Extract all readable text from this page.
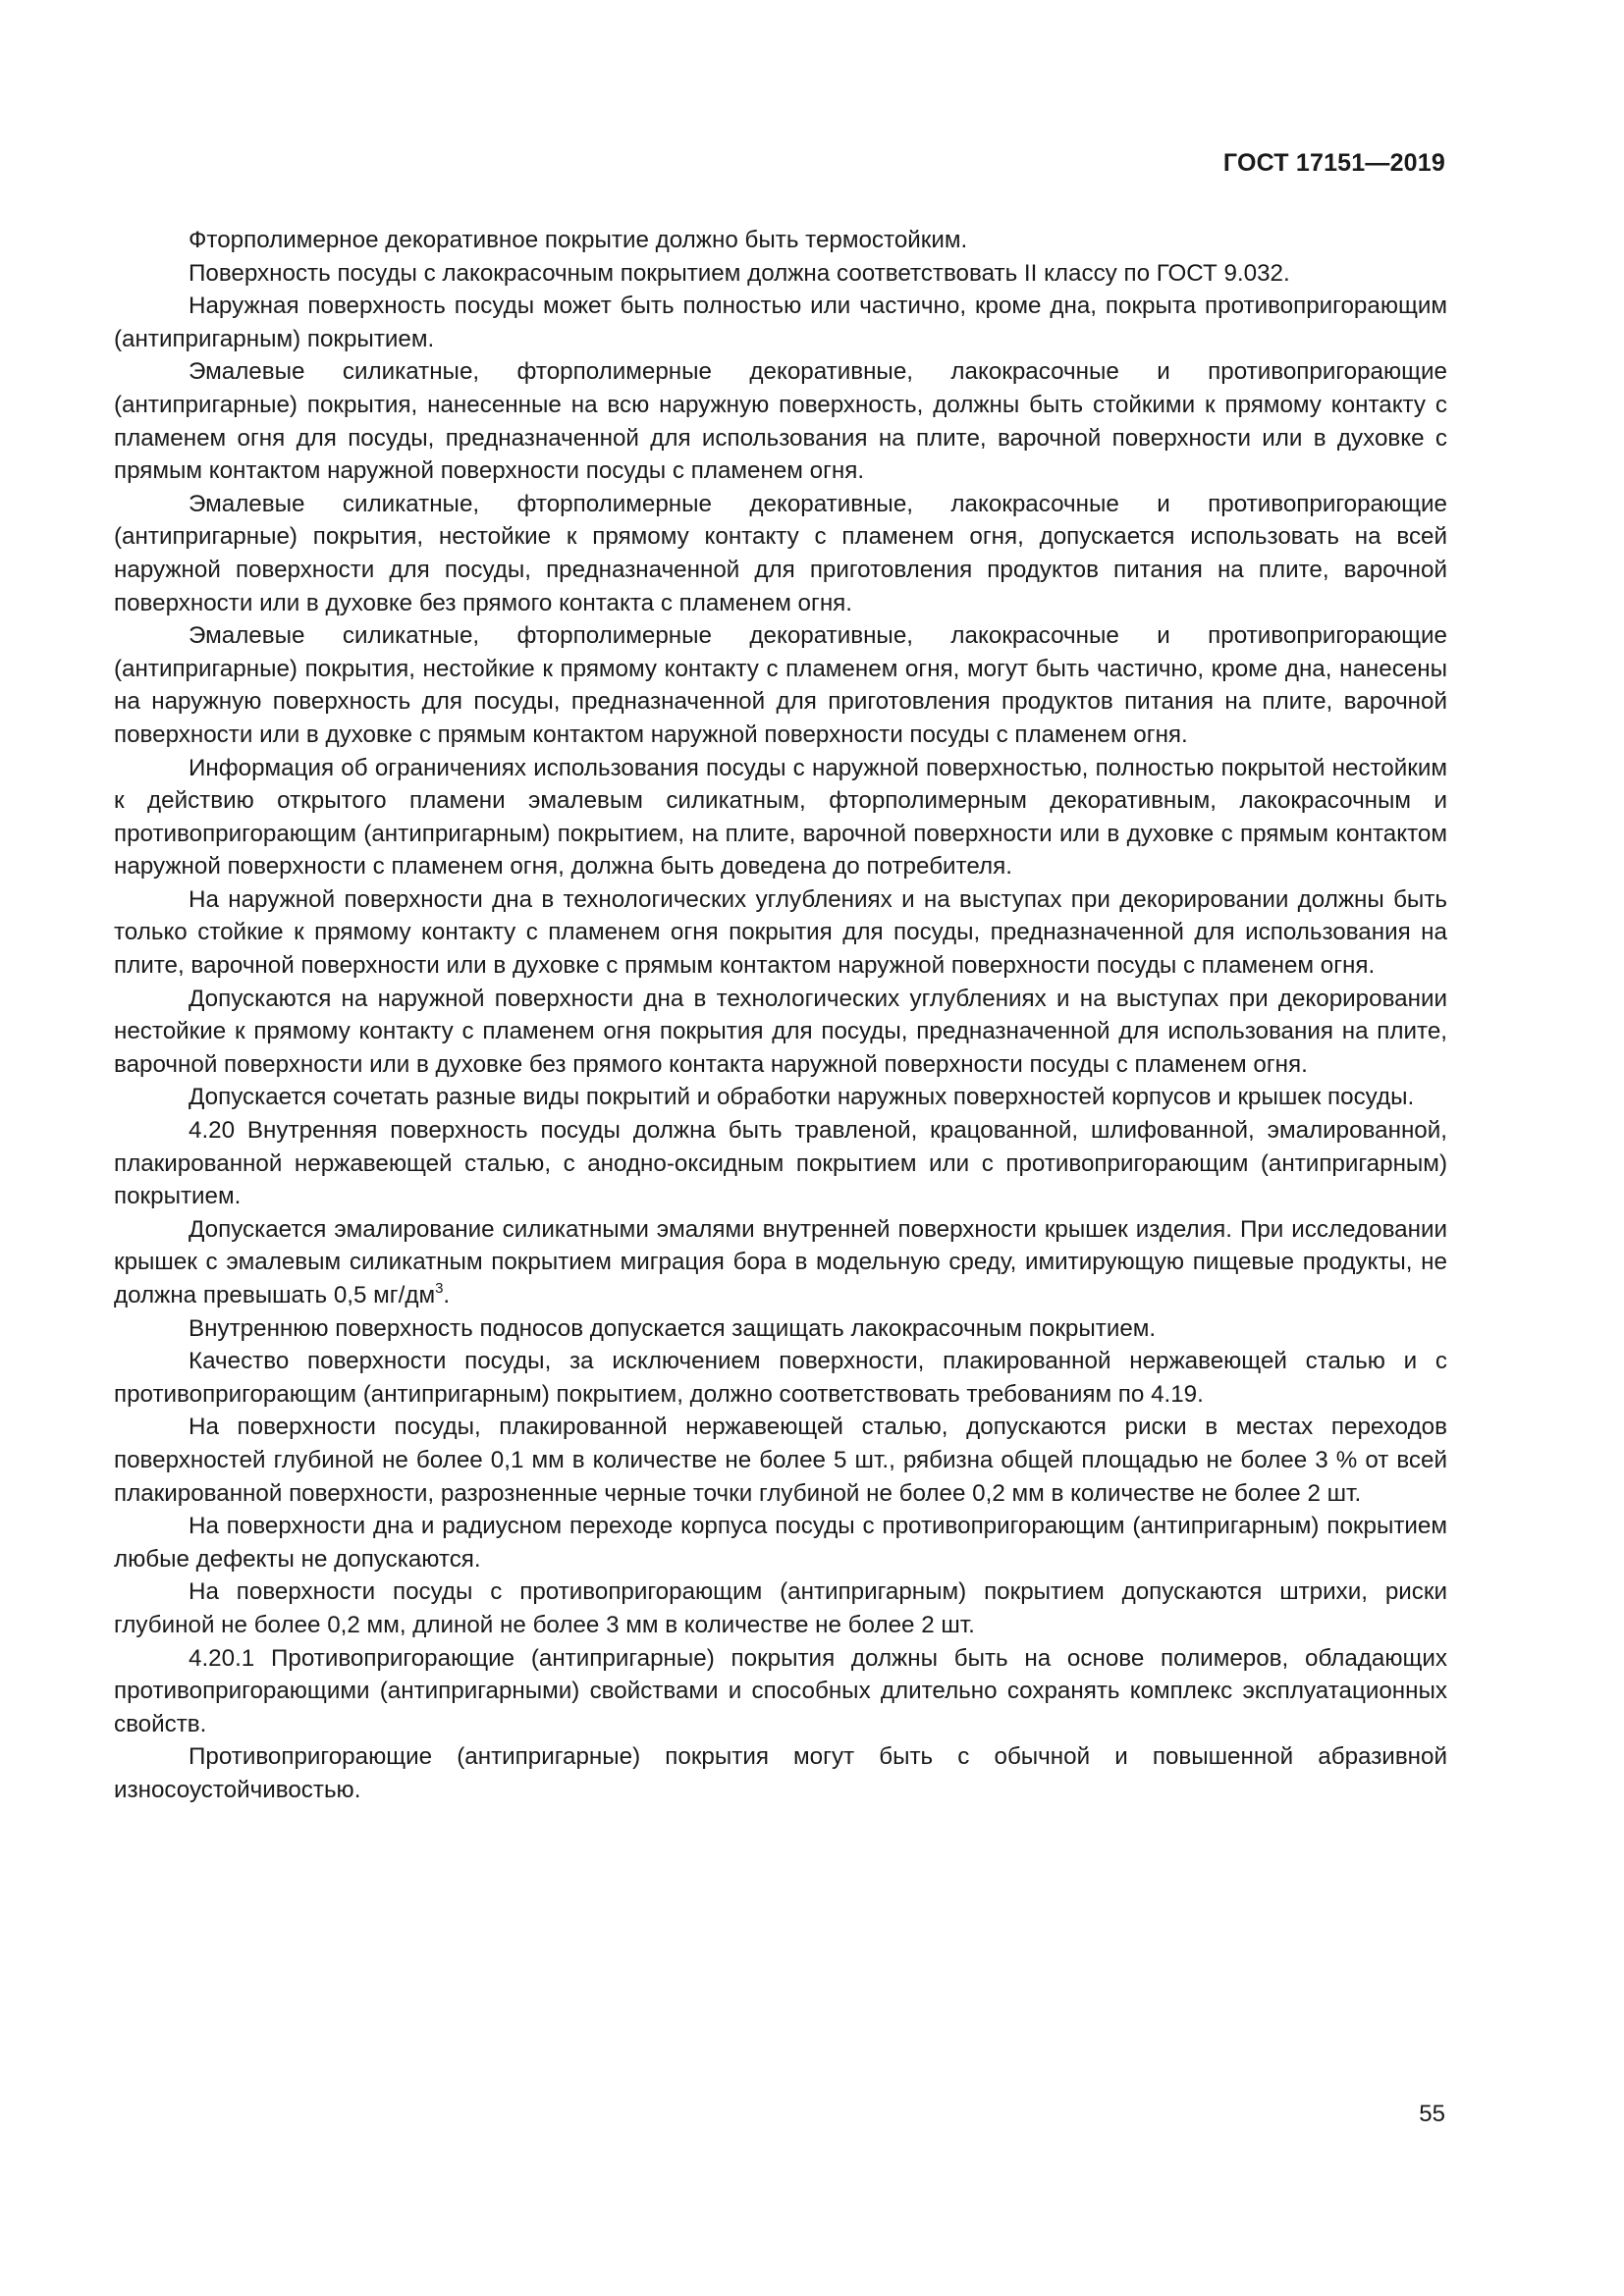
ГОСТ 17151—2019

Фторполимерное декоративное покрытие должно быть термостойким.

Поверхность посуды с лакокрасочным покрытием должна соответствовать II классу по ГОСТ 9.032.

Наружная поверхность посуды может быть полностью или частично, кроме дна, покрыта противопригорающим (антипригарным) покрытием.

Эмалевые силикатные, фторполимерные декоративные, лакокрасочные и противопригорающие (антипригарные) покрытия, нанесенные на всю наружную поверхность, должны быть стойкими к прямому контакту с пламенем огня для посуды, предназначенной для использования на плите, варочной поверхности или в духовке с прямым контактом наружной поверхности посуды с пламенем огня.

Эмалевые силикатные, фторполимерные декоративные, лакокрасочные и противопригорающие (антипригарные) покрытия, нестойкие к прямому контакту с пламенем огня, допускается использовать на всей наружной поверхности для посуды, предназначенной для приготовления продуктов питания на плите, варочной поверхности или в духовке без прямого контакта с пламенем огня.

Эмалевые силикатные, фторполимерные декоративные, лакокрасочные и противопригорающие (антипригарные) покрытия, нестойкие к прямому контакту с пламенем огня, могут быть частично, кроме дна, нанесены на наружную поверхность для посуды, предназначенной для приготовления продуктов питания на плите, варочной поверхности или в духовке с прямым контактом наружной поверхности посуды с пламенем огня.

Информация об ограничениях использования посуды с наружной поверхностью, полностью покрытой нестойким к действию открытого пламени эмалевым силикатным, фторполимерным декоративным, лакокрасочным и противопригорающим (антипригарным) покрытием, на плите, варочной поверхности или в духовке с прямым контактом наружной поверхности с пламенем огня, должна быть доведена до потребителя.

На наружной поверхности дна в технологических углублениях и на выступах при декорировании должны быть только стойкие к прямому контакту с пламенем огня покрытия для посуды, предназначенной для использования на плите, варочной поверхности или в духовке с прямым контактом наружной поверхности посуды с пламенем огня.

Допускаются на наружной поверхности дна в технологических углублениях и на выступах при декорировании нестойкие к прямому контакту с пламенем огня покрытия для посуды, предназначенной для использования на плите, варочной поверхности или в духовке без прямого контакта наружной поверхности посуды с пламенем огня.

Допускается сочетать разные виды покрытий и обработки наружных поверхностей корпусов и крышек посуды.

4.20 Внутренняя поверхность посуды должна быть травленой, крацованной, шлифованной, эмалированной, плакированной нержавеющей сталью, с анодно-оксидным покрытием или с противопригорающим (антипригарным) покрытием.

Допускается эмалирование силикатными эмалями внутренней поверхности крышек изделия. При исследовании крышек с эмалевым силикатным покрытием миграция бора в модельную среду, имитирующую пищевые продукты, не должна превышать 0,5 $мг/дм^3$.

Внутреннюю поверхность подносов допускается защищать лакокрасочным покрытием.

Качество поверхности посуды, за исключением поверхности, плакированной нержавеющей сталью и с противопригорающим (антипригарным) покрытием, должно соответствовать требованиям по 4.19.

На поверхности посуды, плакированной нержавеющей сталью, допускаются риски в местах переходов поверхностей глубиной не более 0,1 мм в количестве не более 5 шт., рябизна общей площадью не более 3 % от всей плакированной поверхности, разрозненные черные точки глубиной не более 0,2 мм в количестве не более 2 шт.

На поверхности дна и радиусном переходе корпуса посуды с противопригорающим (антипригарным) покрытием любые дефекты не допускаются.

На поверхности посуды с противопригорающим (антипригарным) покрытием допускаются штрихи, риски глубиной не более 0,2 мм, длиной не более 3 мм в количестве не более 2 шт.

4.20.1 Противопригорающие (антипригарные) покрытия должны быть на основе полимеров, обладающих противопригорающими (антипригарными) свойствами и способных длительно сохранять комплекс эксплуатационных свойств.

Противопригорающие (антипригарные) покрытия могут быть с обычной и повышенной абразивной износоустойчивостью.

55
